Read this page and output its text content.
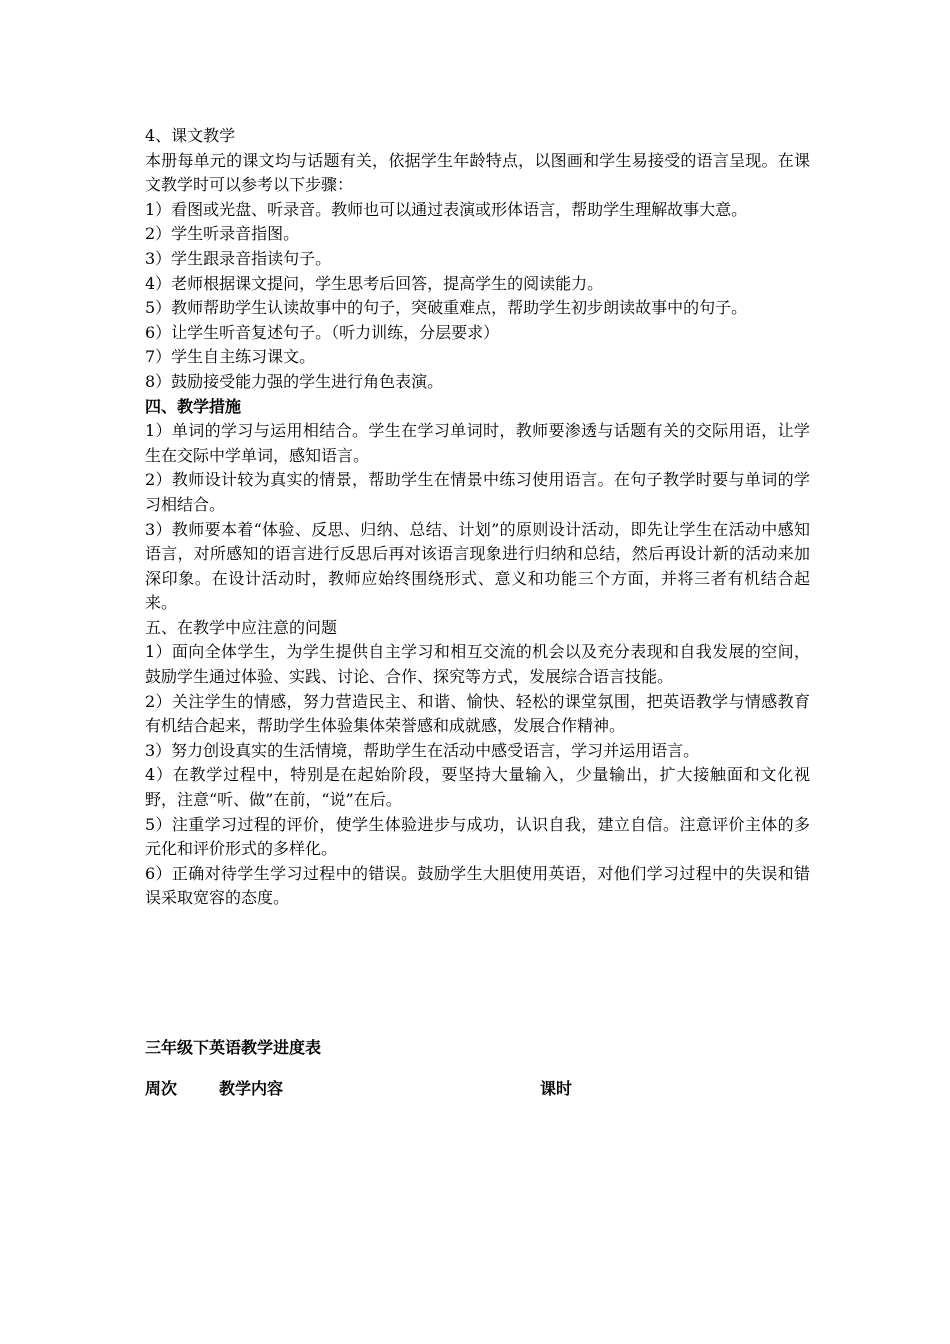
4、课文教学

本册每单元的课文均与话题有关，依据学生年龄特点，以图画和学生易接受的语言呈现。在课文教学时可以参考以下步骤：

1）看图或光盘、听录音。教师也可以通过表演或形体语言，帮助学生理解故事大意。

2）学生听录音指图。

3）学生跟录音指读句子。

4）老师根据课文提问，学生思考后回答，提高学生的阅读能力。

5）教师帮助学生认读故事中的句子，突破重难点，帮助学生初步朗读故事中的句子。

6）让学生听音复述句子。（听力训练，分层要求）

7）学生自主练习课文。

8）鼓励接受能力强的学生进行角色表演。

四、教学措施

1）单词的学习与运用相结合。学生在学习单词时，教师要渗透与话题有关的交际用语，让学生在交际中学单词，感知语言。

2）教师设计较为真实的情景，帮助学生在情景中练习使用语言。在句子教学时要与单词的学习相结合。

3）教师要本着“体验、反思、归纳、总结、计划”的原则设计活动，即先让学生在活动中感知语言，对所感知的语言进行反思后再对该语言现象进行归纳和总结，然后再设计新的活动来加深印象。在设计活动时，教师应始终围绕形式、意义和功能三个方面，并将三者有机结合起来。

五、在教学中应注意的问题

1）面向全体学生，为学生提供自主学习和相互交流的机会以及充分表现和自我发展的空间，鼓励学生通过体验、实践、讨论、合作、探究等方式，发展综合语言技能。

2）关注学生的情感，努力营造民主、和谐、愉快、轻松的课堂氛围，把英语教学与情感教育有机结合起来，帮助学生体验集体荣誉感和成就感，发展合作精神。

3）努力创设真实的生活情境，帮助学生在活动中感受语言，学习并运用语言。

4）在教学过程中，特别是在起始阶段，要坚持大量输入，少量输出，扩大接触面和文化视野，注意“听、做”在前，“说”在后。

5）注重学习过程的评价，使学生体验进步与成功，认识自我，建立自信。注意评价主体的多元化和评价形式的多样化。

6）正确对待学生学习过程中的错误。鼓励学生大胆使用英语，对他们学习过程中的失误和错误采取宽容的态度。

三年级下英语教学进度表

周次	教学内容	课时
